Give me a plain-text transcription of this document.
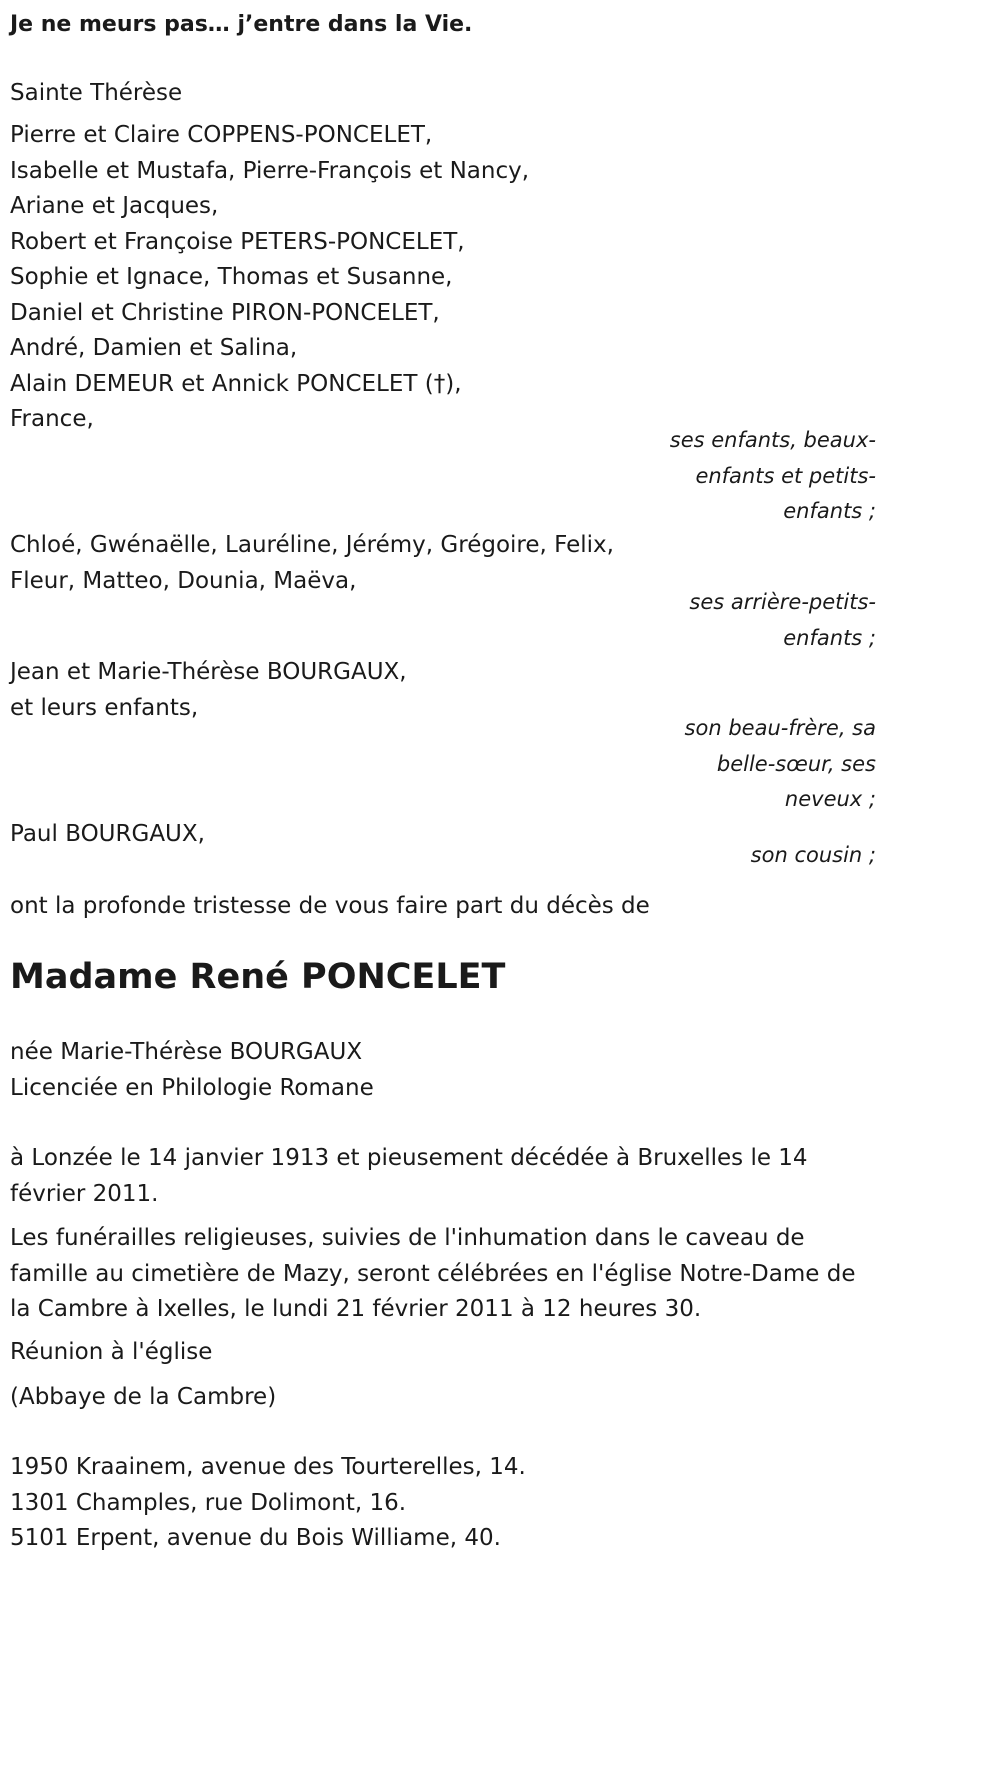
Je ne meurs pas… j’entre dans la Vie.
Sainte Thérèse
Pierre et Claire COPPENS-PONCELET,
Isabelle et Mustafa, Pierre-François et Nancy,
Ariane et Jacques,
Robert et Françoise PETERS-PONCELET,
Sophie et Ignace, Thomas et Susanne,
Daniel et Christine PIRON-PONCELET,
André, Damien et Salina,
Alain DEMEUR et Annick PONCELET (†),
France,
ses enfants, beaux-
enfants et petits-
enfants ;
Chloé, Gwénaëlle, Lauréline, Jérémy, Grégoire, Felix,
Fleur, Matteo, Dounia, Maëva,
ses arrière-petits-
enfants ;
Jean et Marie-Thérèse BOURGAUX,
et leurs enfants,
son beau-frère, sa
belle-sœur, ses
neveux ;
Paul BOURGAUX,
son cousin ;
ont la profonde tristesse de vous faire part du décès de
Madame René PONCELET
née Marie-Thérèse BOURGAUX
Licenciée en Philologie Romane
à Lonzée le 14 janvier 1913 et pieusement décédée à Bruxelles le 14 février 2011.
Les funérailles religieuses, suivies de l'inhumation dans le caveau de famille au cimetière de Mazy, seront célébrées en l'église Notre-Dame de la Cambre à Ixelles, le lundi 21 février 2011 à 12 heures 30.
Réunion à l'église
(Abbaye de la Cambre)
1950 Kraainem, avenue des Tourterelles, 14.
1301 Champles, rue Dolimont, 16.
5101 Erpent, avenue du Bois Williame, 40.
